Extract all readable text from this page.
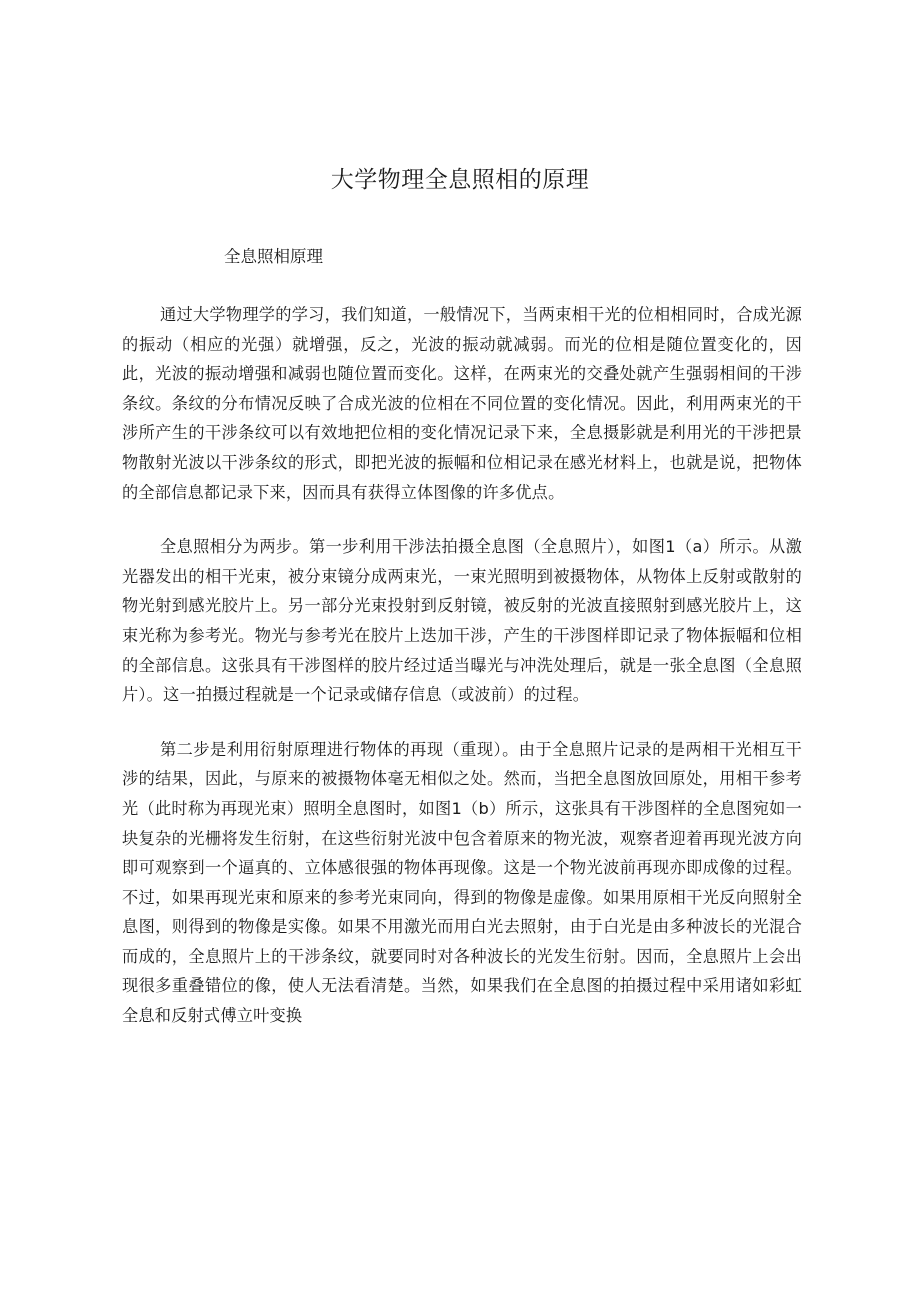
大学物理全息照相的原理
全息照相原理

通过大学物理学的学习，我们知道，一般情况下，当两束相干光的位相相同时，合成光源的振动（相应的光强）就增强，反之，光波的振动就减弱。而光的位相是随位置变化的，因此，光波的振动增强和减弱也随位置而变化。这样，在两束光的交叠处就产生强弱相间的干涉条纹。条纹的分布情况反映了合成光波的位相在不同位置的变化情况。因此，利用两束光的干涉所产生的干涉条纹可以有效地把位相的变化情况记录下来，全息摄影就是利用光的干涉把景物散射光波以干涉条纹的形式，即把光波的振幅和位相记录在感光材料上，也就是说，把物体的全部信息都记录下来，因而具有获得立体图像的许多优点。

全息照相分为两步。第一步利用干涉法拍摄全息图（全息照片），如图1（a）所示。从激光器发出的相干光束，被分束镜分成两束光，一束光照明到被摄物体，从物体上反射或散射的物光射到感光胶片上。另一部分光束投射到反射镜，被反射的光波直接照射到感光胶片上，这束光称为参考光。物光与参考光在胶片上迭加干涉，产生的干涉图样即记录了物体振幅和位相的全部信息。这张具有干涉图样的胶片经过适当曝光与冲洗处理后，就是一张全息图（全息照片）。这一拍摄过程就是一个记录或储存信息（或波前）的过程。

第二步是利用衍射原理进行物体的再现（重现）。由于全息照片记录的是两相干光相互干涉的结果，因此，与原来的被摄物体毫无相似之处。然而，当把全息图放回原处，用相干参考光（此时称为再现光束）照明全息图时，如图1（b）所示，这张具有干涉图样的全息图宛如一块复杂的光栅将发生衍射，在这些衍射光波中包含着原来的物光波，观察者迎着再现光波方向即可观察到一个逼真的、立体感很强的物体再现像。这是一个物光波前再现亦即成像的过程。不过，如果再现光束和原来的参考光束同向，得到的物像是虚像。如果用原相干光反向照射全息图，则得到的物像是实像。如果不用激光而用白光去照射，由于白光是由多种波长的光混合而成的，全息照片上的干涉条纹，就要同时对各种波长的光发生衍射。因而，全息照片上会出现很多重叠错位的像，使人无法看清楚。当然，如果我们在全息图的拍摄过程中采用诸如彩虹全息和反射式傅立叶变换
